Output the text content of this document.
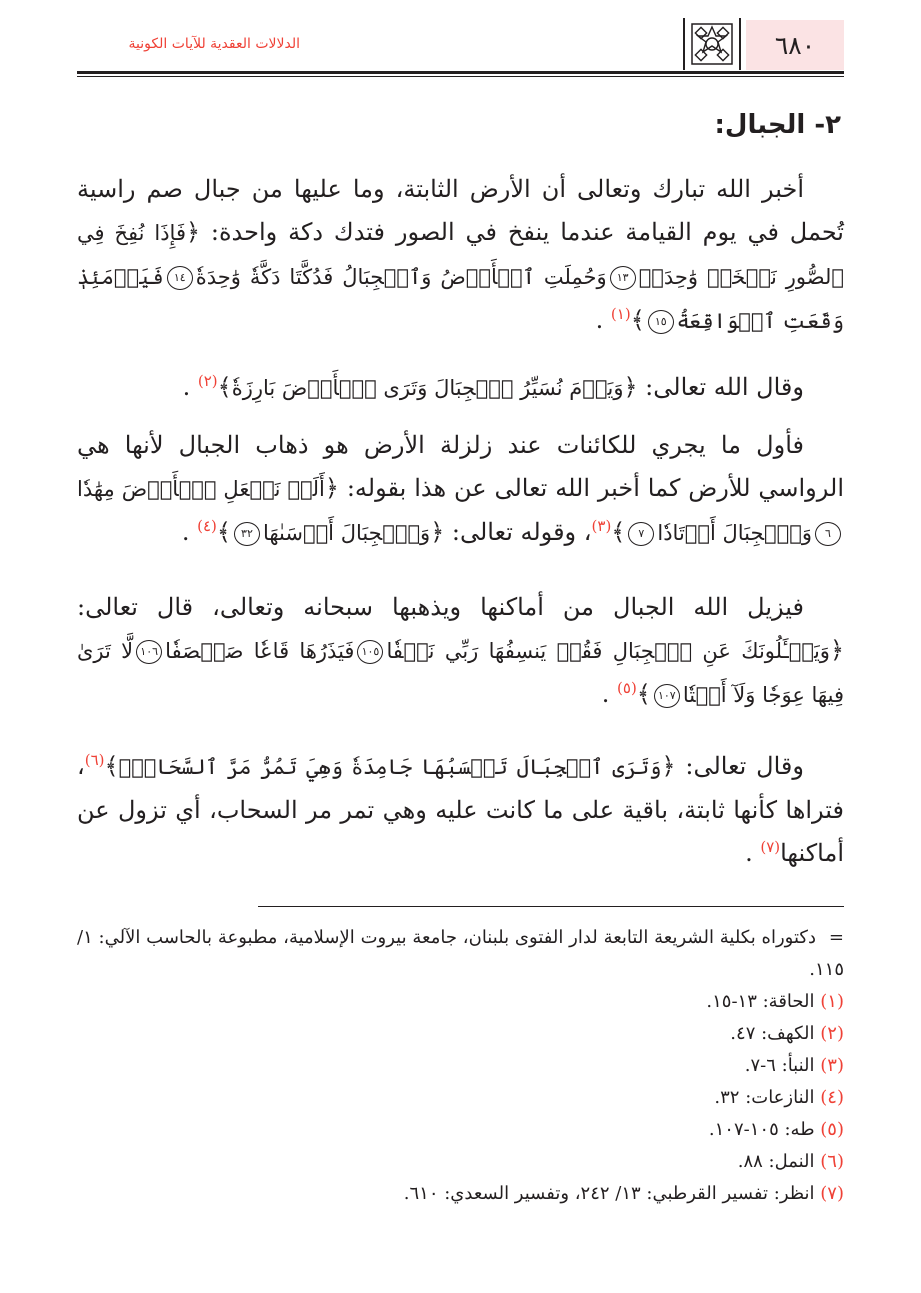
٦٨٠
الدلالات العقدية للآيات الكونية
٢- الجبال:

أخبر الله تبارك وتعالى أن الأرض الثابتة، وما عليها من جبال صم راسية تُحمل في يوم القيامة عندما ينفخ في الصور فتدك دكة واحدة: ﴿فَإِذَا نُفِخَ فِي ٱلصُّورِ نَفۡخَةٞ وَٰحِدَةٞ١٣وَحُمِلَتِ ٱلۡأَرۡضُ وَٱلۡجِبَالُ فَدُكَّتَا دَكَّةٗ وَٰحِدَةٗ١٤فَيَوۡمَئِذٖ وَقَعَتِ ٱلۡوَاقِعَةُ١٥﴾$^{(١)}$ .

وقال الله تعالى: ﴿وَيَوۡمَ نُسَيِّرُ ٱلۡجِبَالَ وَتَرَى ٱلۡأَرۡضَ بَارِزَةٗ﴾$^{(٢)}$ .

فأول ما يجري للكائنات عند زلزلة الأرض هو ذهاب الجبال لأنها هي الرواسي للأرض كما أخبر الله تعالى عن هذا بقوله: ﴿أَلَمۡ نَجۡعَلِ ٱلۡأَرۡضَ مِهَٰدٗا٦وَٱلۡجِبَالَ أَوۡتَادٗا٧﴾$^{(٣)}$، وقوله تعالى: ﴿وَٱلۡجِبَالَ أَرۡسَىٰهَا٣٢﴾$^{(٤)}$ .

فيزيل الله الجبال من أماكنها ويذهبها سبحانه وتعالى، قال تعالى: ﴿وَيَسۡـَٔلُونَكَ عَنِ ٱلۡجِبَالِ فَقُلۡ يَنسِفُهَا رَبِّي نَسۡفٗا١٠٥فَيَذَرُهَا قَاعٗا صَفۡصَفٗا١٠٦لَّا تَرَىٰ فِيهَا عِوَجٗا وَلَآ أَمۡتٗا١٠٧﴾$^{(٥)}$ .

وقال تعالى: ﴿وَتَرَى ٱلۡجِبَالَ تَحۡسَبُهَا جَامِدَةٗ وَهِيَ تَمُرُّ مَرَّ ٱلسَّحَابِۚ﴾$^{(٦)}$، فتراها كأنها ثابتة، باقية على ما كانت عليه وهي تمر مر السحاب، أي تزول عن أماكنها$^{(٧)}$ .

=دكتوراه بكلية الشريعة التابعة لدار الفتوى بلبنان، جامعة بيروت الإسلامية، مطبوعة بالحاسب الآلي: ١/ ١١٥.
(١) الحاقة: ١٣-١٥.
(٢) الكهف: ٤٧.
(٣) النبأ: ٦-٧.
(٤) النازعات: ٣٢.
(٥) طه: ١٠٥-١٠٧.
(٦) النمل: ٨٨.
(٧) انظر: تفسير القرطبي: ١٣/ ٢٤٢، وتفسير السعدي: ٦١٠.
